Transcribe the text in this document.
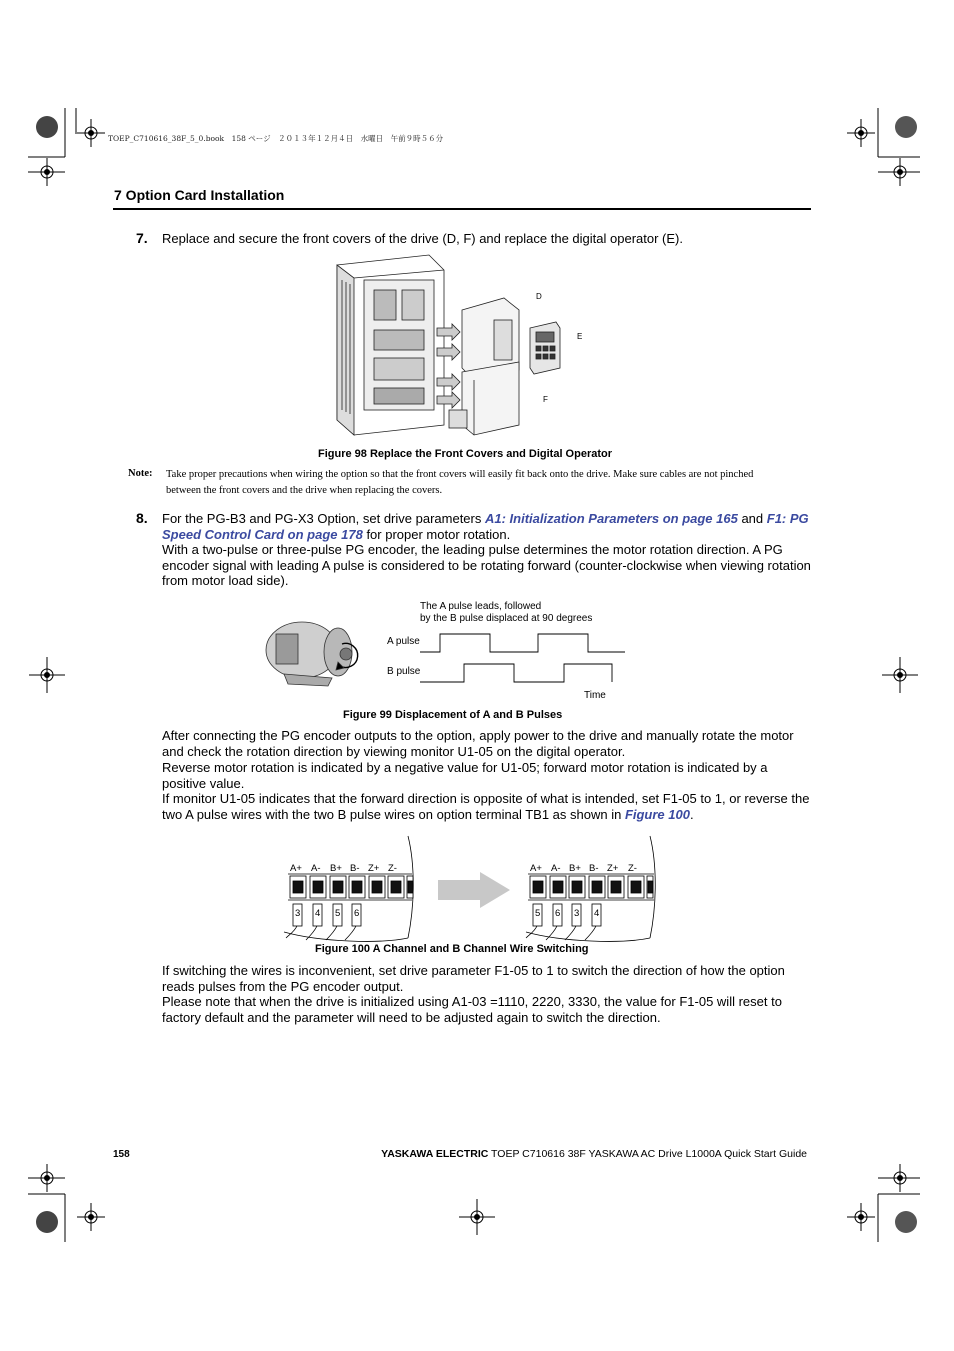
TOEP_C710616_38F_5_0.book　158 ページ　２０１３年１２月４日　水曜日　午前９時５６分
7 Option Card Installation
7. Replace and secure the front covers of the drive (D, F) and replace the digital operator (E).
D
E
F
Figure 98 Replace the Front Covers and Digital Operator
Note: Take proper precautions when wiring the option so that the front covers will easily fit back onto the drive. Make sure cables are not pinched between the front covers and the drive when replacing the covers.
8. For the PG-B3 and PG-X3 Option, set drive parameters A1: Initialization Parameters on page 165 and F1: PG Speed Control Card on page 178 for proper motor rotation.
With a two-pulse or three-pulse PG encoder, the leading pulse determines the motor rotation direction. A PG encoder signal with leading A pulse is considered to be rotating forward (counter-clockwise when viewing rotation from motor load side).
The A pulse leads, followed
by the B pulse displaced at 90 degrees
A pulse
B pulse
Time
Figure 99 Displacement of A and B Pulses
After connecting the PG encoder outputs to the option, apply power to the drive and manually rotate the motor and check the rotation direction by viewing monitor U1-05 on the digital operator.
Reverse motor rotation is indicated by a negative value for U1-05; forward motor rotation is indicated by a positive value.
If monitor U1-05 indicates that the forward direction is opposite of what is intended, set F1-05 to 1, or reverse the two A pulse wires with the two B pulse wires on option terminal TB1 as shown in Figure 100.
A+ A- B+ B- Z+ Z-
3 4 5 6
A+ A- B+ B- Z+ Z-
5 6 3 4
Figure 100 A Channel and B Channel Wire Switching
If switching the wires is inconvenient, set drive parameter F1-05 to 1 to switch the direction of how the option reads pulses from the PG encoder output.
Please note that when the drive is initialized using A1-03 =1110, 2220, 3330, the value for F1-05 will reset to factory default and the parameter will need to be adjusted again to switch the direction.
158	YASKAWA ELECTRIC TOEP C710616 38F YASKAWA AC Drive L1000A Quick Start Guide
